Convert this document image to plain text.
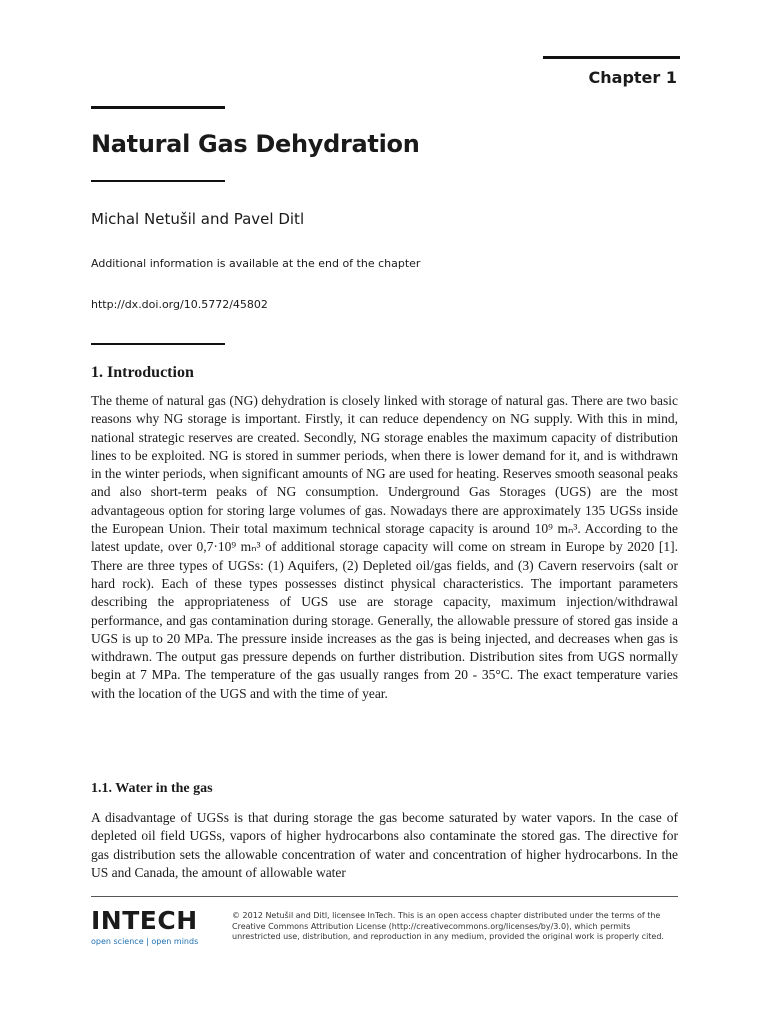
Chapter 1
Natural Gas Dehydration
Michal Netušil and Pavel Ditl
Additional information is available at the end of the chapter
http://dx.doi.org/10.5772/45802
1. Introduction

The theme of natural gas (NG) dehydration is closely linked with storage of natural gas. There are two basic reasons why NG storage is important. Firstly, it can reduce dependency on NG supply. With this in mind, national strategic reserves are created. Secondly, NG storage enables the maximum capacity of distribution lines to be exploited. NG is stored in summer periods, when there is lower demand for it, and is withdrawn in the winter periods, when significant amounts of NG are used for heating. Reserves smooth seasonal peaks and also short-term peaks of NG consumption. Underground Gas Storages (UGS) are the most advantageous option for storing large volumes of gas. Nowadays there are approximately 135 UGSs inside the European Union. Their total maximum technical storage capacity is around 10⁹ mₙ³. According to the latest update, over 0,7·10⁹ mₙ³ of additional storage capacity will come on stream in Europe by 2020 [1]. There are three types of UGSs: (1) Aquifers, (2) Depleted oil/gas fields, and (3) Cavern reservoirs (salt or hard rock). Each of these types possesses distinct physical characteristics. The important parameters describing the appropriateness of UGS use are storage capacity, maximum injection/withdrawal performance, and gas contamination during storage. Generally, the allowable pressure of stored gas inside a UGS is up to 20 MPa. The pressure inside increases as the gas is being injected, and decreases when gas is withdrawn. The output gas pressure depends on further distribution. Distribution sites from UGS normally begin at 7 MPa. The temperature of the gas usually ranges from 20 - 35°C. The exact temperature varies with the location of the UGS and with the time of year.

1.1. Water in the gas

A disadvantage of UGSs is that during storage the gas become saturated by water vapors. In the case of depleted oil field UGSs, vapors of higher hydrocarbons also contaminate the stored gas. The directive for gas distribution sets the allowable concentration of water and concentration of higher hydrocarbons. In the US and Canada, the amount of allowable water

INTECH
open science | open minds
© 2012 Netušil and Ditl, licensee InTech. This is an open access chapter distributed under the terms of the Creative Commons Attribution License (http://creativecommons.org/licenses/by/3.0), which permits unrestricted use, distribution, and reproduction in any medium, provided the original work is properly cited.
